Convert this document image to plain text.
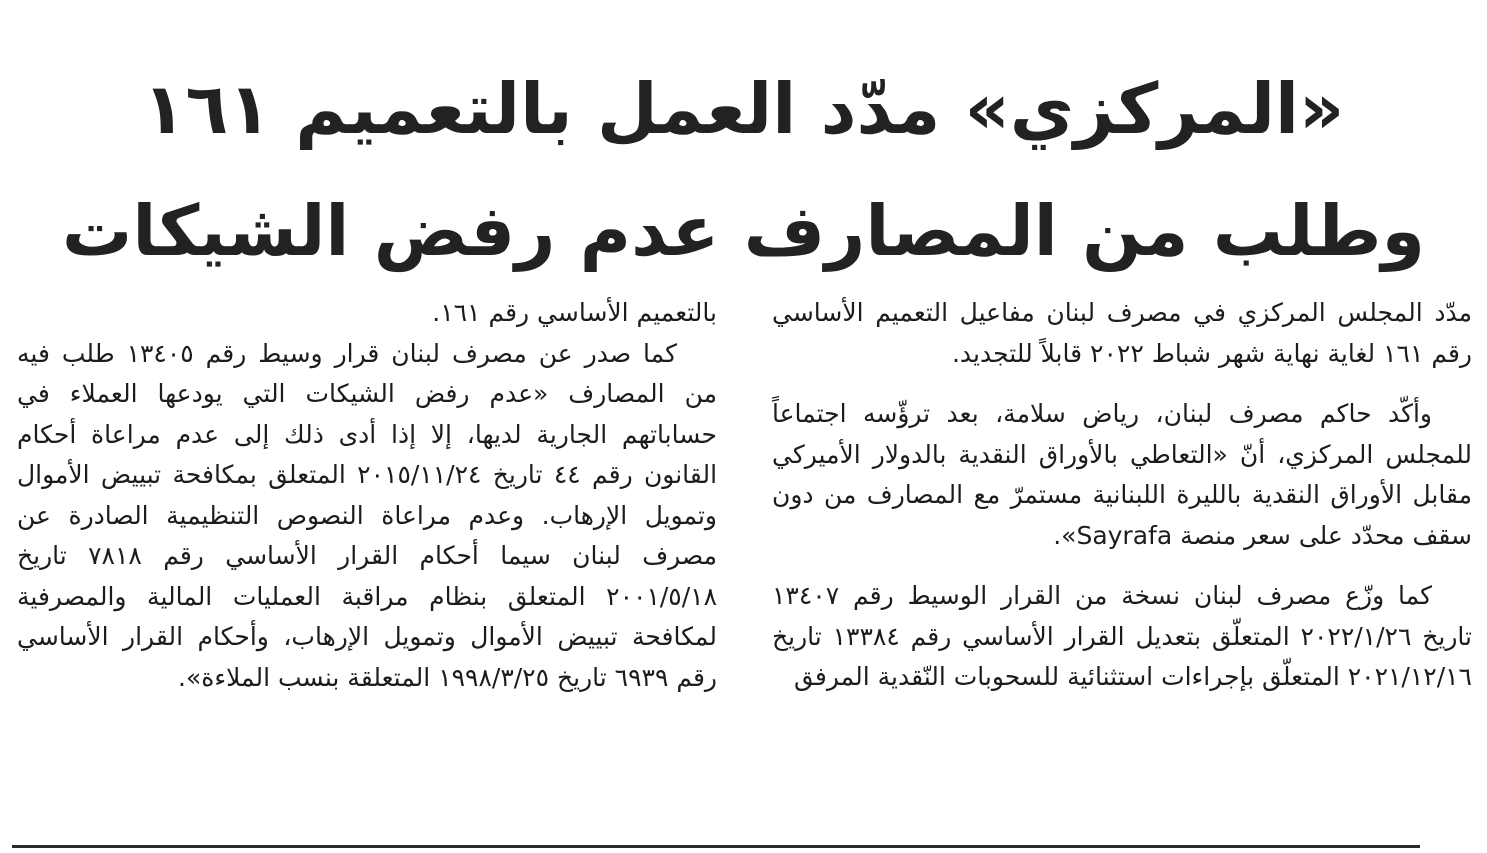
«المركزي» مدّد العمل بالتعميم ١٦١
وطلب من المصارف عدم رفض الشيكات

مدّد المجلس المركزي في مصرف لبنان مفاعيل التعميم الأساسي رقم ١٦١ لغاية نهاية شهر شباط ٢٠٢٢ قابلاً للتجديد.

وأكّد حاكم مصرف لبنان، رياض سلامة، بعد ترؤّسه اجتماعاً للمجلس المركزي، أنّ «التعاطي بالأوراق النقدية بالدولار الأميركي مقابل الأوراق النقدية بالليرة اللبنانية مستمرّ مع المصارف من دون سقف محدّد على سعر منصة Sayrafa».

كما وزّع مصرف لبنان نسخة من القرار الوسيط رقم ١٣٤٠٧ تاريخ ٢٠٢٢/١/٢٦ المتعلّق بتعديل القرار الأساسي رقم ١٣٣٨٤ تاريخ ٢٠٢١/١٢/١٦ المتعلّق بإجراءات استثنائية للسحوبات النّقدية المرفق

بالتعميم الأساسي رقم ١٦١.

كما صدر عن مصرف لبنان قرار وسيط رقم ١٣٤٠٥ طلب فيه من المصارف «عدم رفض الشيكات التي يودعها العملاء في حساباتهم الجارية لديها، إلا إذا أدى ذلك إلى عدم مراعاة أحكام القانون رقم ٤٤ تاريخ ٢٠١٥/١١/٢٤ المتعلق بمكافحة تبييض الأموال وتمويل الإرهاب. وعدم مراعاة النصوص التنظيمية الصادرة عن مصرف لبنان سيما أحكام القرار الأساسي رقم ٧٨١٨ تاريخ ٢٠٠١/٥/١٨ المتعلق بنظام مراقبة العمليات المالية والمصرفية لمكافحة تبييض الأموال وتمويل الإرهاب، وأحكام القرار الأساسي رقم ٦٩٣٩ تاريخ ١٩٩٨/٣/٢٥ المتعلقة بنسب الملاءة».
